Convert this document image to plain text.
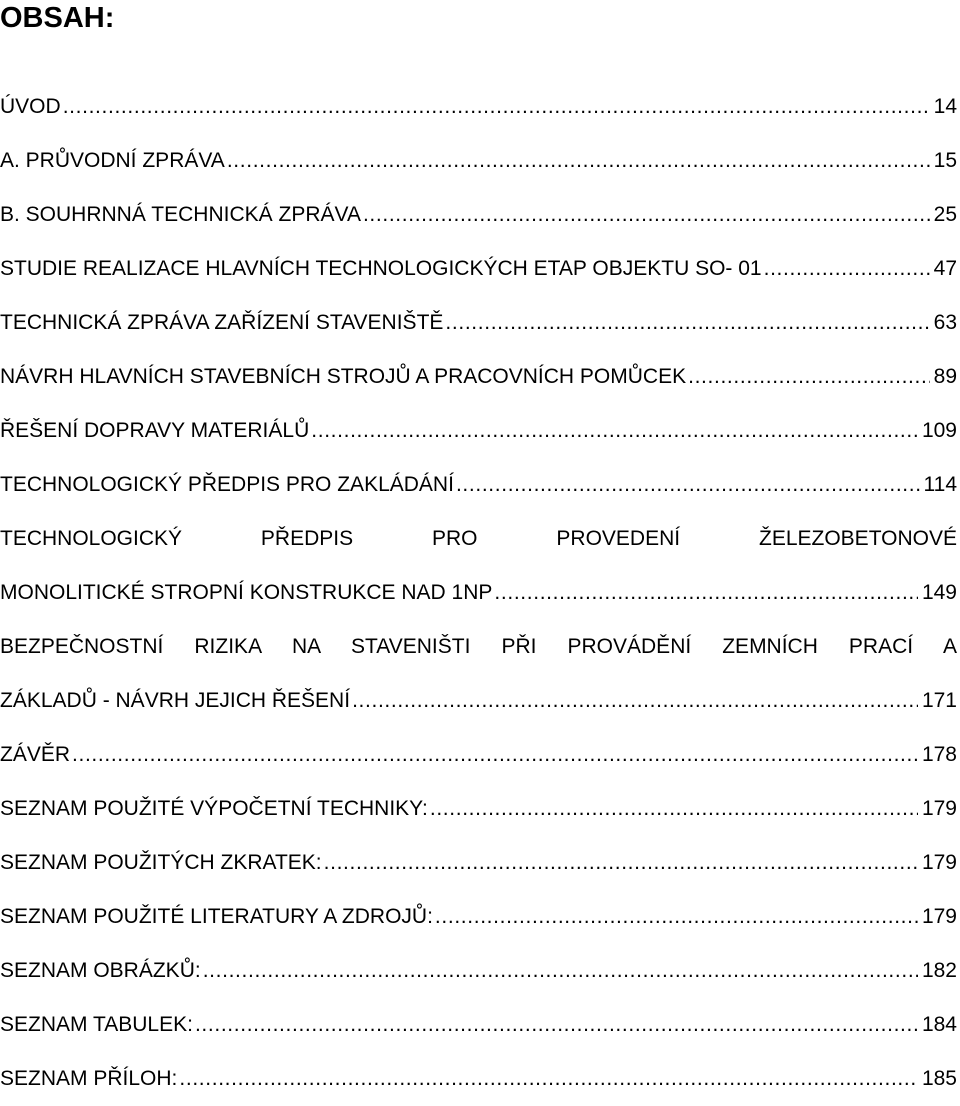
OBSAH:
ÚVOD . . .	14
A. PRŮVODNÍ ZPRÁVA . . .	15
B. SOUHRNNÁ TECHNICKÁ ZPRÁVA . . .	25
STUDIE REALIZACE HLAVNÍCH TECHNOLOGICKÝCH ETAP OBJEKTU SO- 01 . . .	47
TECHNICKÁ ZPRÁVA ZAŘÍZENÍ STAVENIŠTĚ . . .	63
NÁVRH HLAVNÍCH STAVEBNÍCH STROJŮ A PRACOVNÍCH POMŮCEK . . .	89
ŘEŠENÍ DOPRAVY MATERIÁLŮ . . .	109
TECHNOLOGICKÝ PŘEDPIS PRO ZAKLÁDÁNÍ . . .	114
TECHNOLOGICKÝ PŘEDPIS PRO PROVEDENÍ ŽELEZOBETONOVÉ
MONOLITICKÉ STROPNÍ KONSTRUKCE NAD 1NP . . .	149
BEZPEČNOSTNÍ RIZIKA NA STAVENIŠTI PŘI PROVÁDĚNÍ ZEMNÍCH PRACÍ A
ZÁKLADŮ - NÁVRH JEJICH ŘEŠENÍ . . .	171
ZÁVĚR . . .	178
SEZNAM POUŽITÉ VÝPOČETNÍ TECHNIKY: . . .	179
SEZNAM POUŽITÝCH ZKRATEK: . . .	179
SEZNAM POUŽITÉ LITERATURY A ZDROJŮ: . . .	179
SEZNAM OBRÁZKŮ: . . .	182
SEZNAM TABULEK: . . .	184
SEZNAM PŘÍLOH: . . .	185
